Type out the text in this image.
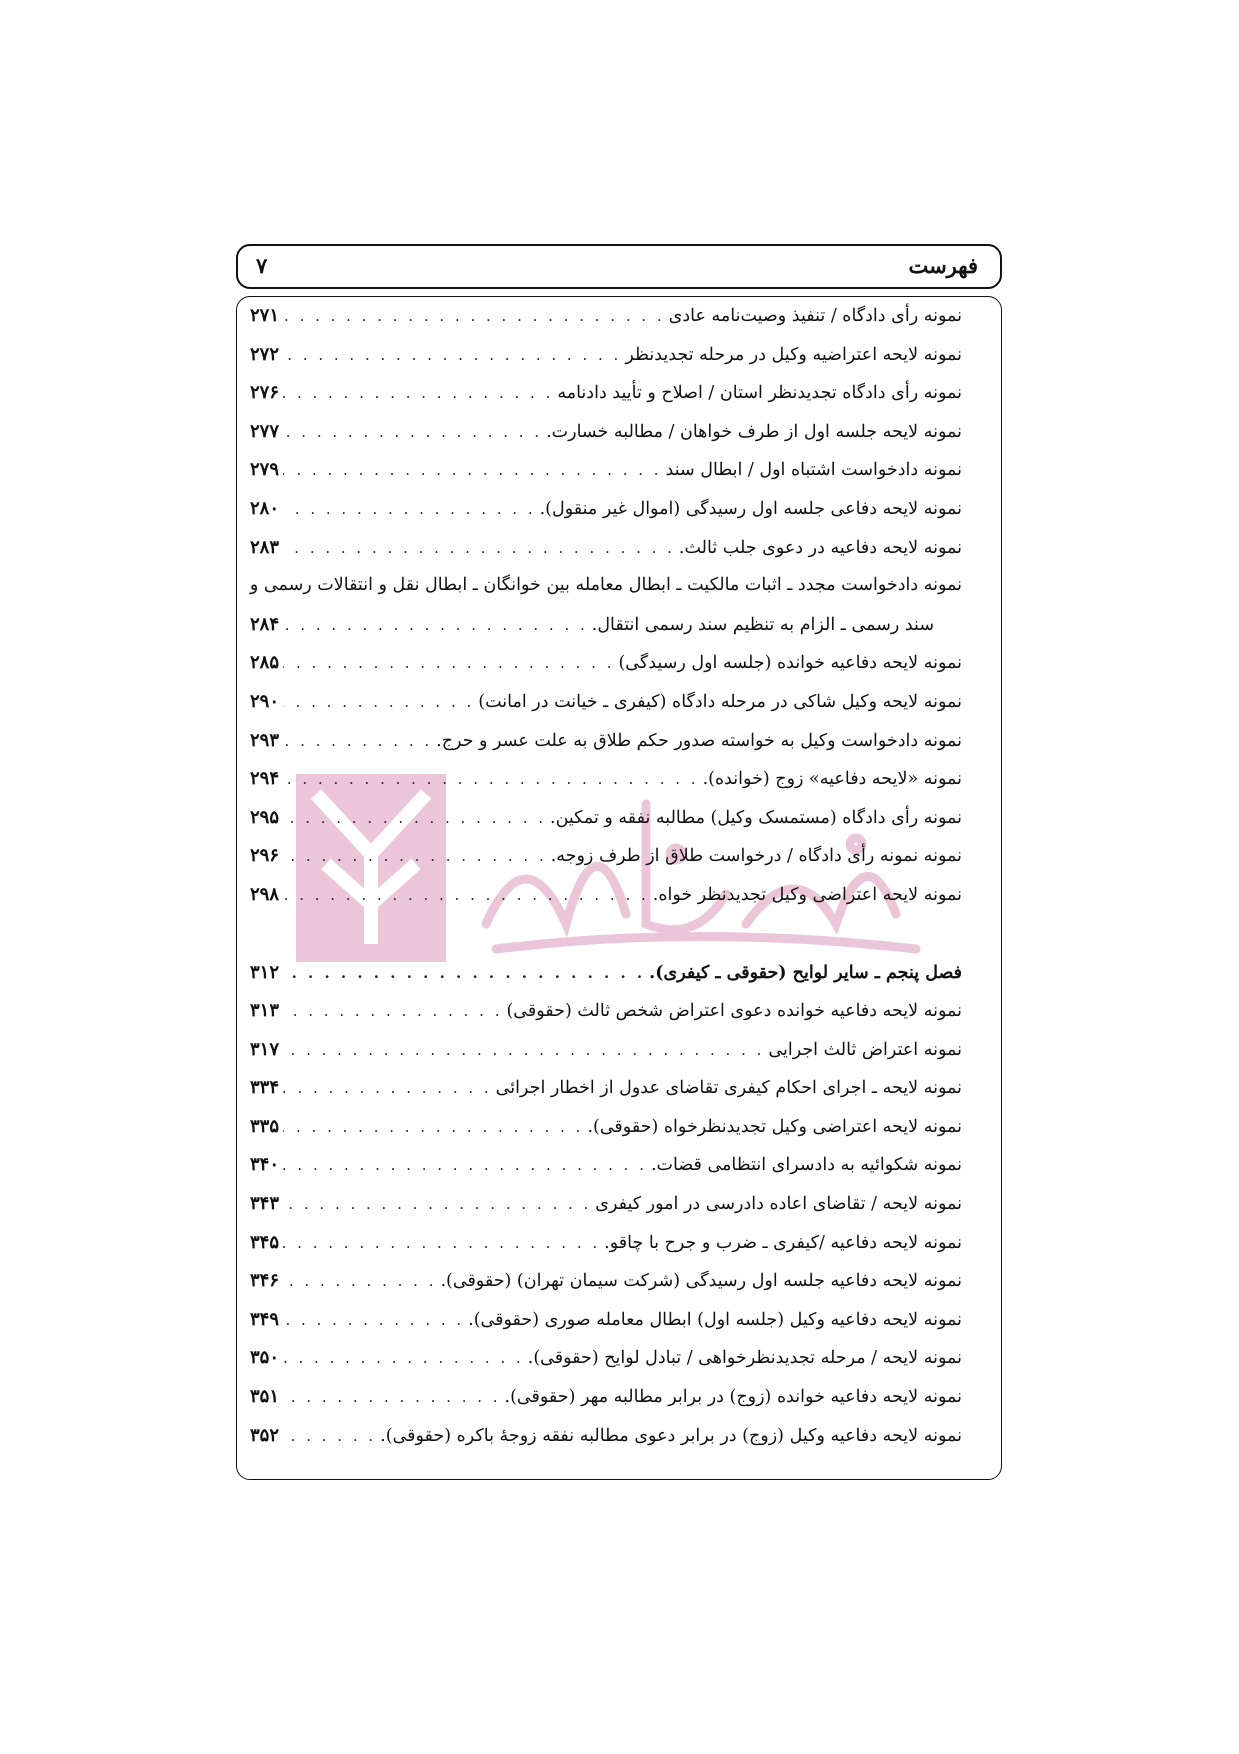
فهرست
۷
نمونه رأی دادگاه / تنفیذ وصیت‌نامه عادی
. . .
۲۷۱
نمونه لایحه اعتراضیه وکیل در مرحله تجدیدنظر
. . .
۲۷۲
نمونه رأی دادگاه تجدیدنظر استان / اصلاح و تأیید دادنامه
. . .
۲۷۶
نمونه لایحه جلسه اول از طرف خواهان / مطالبه خسارت.
. . .
۲۷۷
نمونه دادخواست اشتباه اول / ابطال سند
. . .
۲۷۹
نمونه لایحه دفاعی جلسه اول رسیدگی (اموال غیر منقول).
. . .
۲۸۰
نمونه لایحه دفاعیه در دعوی جلب ثالث.
. . .
۲۸۳
نمونه دادخواست مجدد ـ اثبات مالکیت ـ ابطال معامله بین خوانگان ـ ابطال نقل و انتقالات رسمی و
سند رسمی ـ الزام به تنظیم سند رسمی انتقال.
. . .
۲۸۴
نمونه لایحه دفاعیه خوانده (جلسه اول رسیدگی)
. . .
۲۸۵
نمونه لایحه وکیل شاکی در مرحله دادگاه (کیفری ـ خیانت در امانت)
. . .
۲۹۰
نمونه دادخواست وکیل به خواسته صدور حکم طلاق به علت عسر و حرج.
. . .
۲۹۳
نمونه «لایحه دفاعیه» زوج (خوانده).
. . .
۲۹۴
نمونه رأی دادگاه (مستمسک وکیل) مطالبه نفقه و تمکین.
. . .
۲۹۵
نمونه نمونه رأی دادگاه / درخواست طلاق از طرف زوجه.
. . .
۲۹۶
نمونه لایحه اعتراضی وکیل تجدیدنظر خواه.
. . .
۲۹۸
فصل پنجم ـ سایر لوایح (حقوقی ـ کیفری).
. . .
۳۱۲
نمونه لایحه دفاعیه خوانده دعوی اعتراض شخص ثالث (حقوقی)
. . .
۳۱۳
نمونه اعتراض ثالث اجرایی
. . .
۳۱۷
نمونه لایحه ـ اجرای احکام کیفری تقاضای عدول از اخطار اجرائی
. . .
۳۳۴
نمونه لایحه اعتراضی وکیل تجدیدنظرخواه (حقوقی).
. . .
۳۳۵
نمونه شکوائیه به دادسرای انتظامی قضات.
. . .
۳۴۰
نمونه لایحه / تقاضای اعاده دادرسی در امور کیفری
. . .
۳۴۳
نمونه لایحه دفاعیه /کیفری ـ ضرب و جرح با چاقو.
. . .
۳۴۵
نمونه لایحه دفاعیه جلسه اول رسیدگی (شرکت سیمان تهران) (حقوقی).
. . .
۳۴۶
نمونه لایحه دفاعیه وکیل (جلسه اول) ابطال معامله صوری (حقوقی).
. . .
۳۴۹
نمونه لایحه / مرحله تجدیدنظرخواهی / تبادل لوایح (حقوقی).
. . .
۳۵۰
نمونه لایحه دفاعیه خوانده (زوج) در برابر مطالبه مهر (حقوقی).
. . .
۳۵۱
نمونه لایحه دفاعیه وکیل (زوج) در برابر دعوی مطالبه نفقه زوجهٔ باکره (حقوقی).
. . .
۳۵۲
